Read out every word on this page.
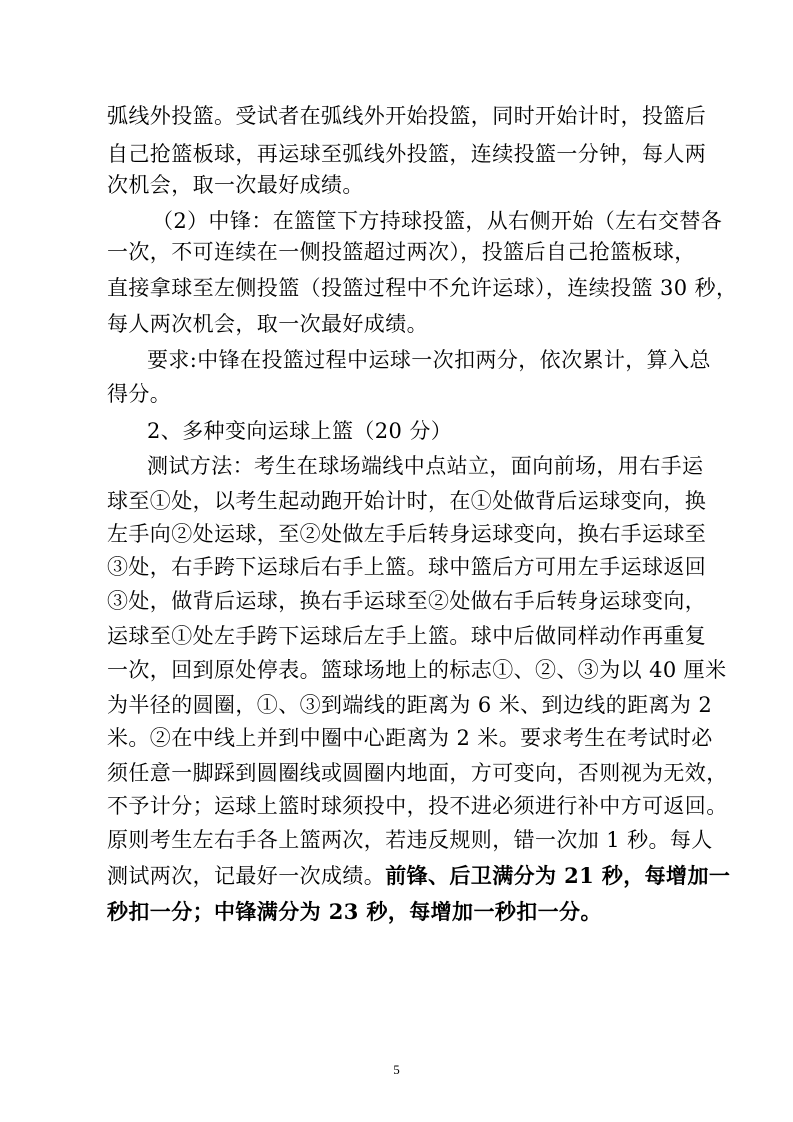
弧线外投篮。受试者在弧线外开始投篮，同时开始计时，投篮后
自己抢篮板球，再运球至弧线外投篮，连续投篮一分钟，每人两
次机会，取一次最好成绩。
（2）中锋：在篮筐下方持球投篮，从右侧开始（左右交替各
一次，不可连续在一侧投篮超过两次），投篮后自己抢篮板球，
直接拿球至左侧投篮（投篮过程中不允许运球），连续投篮 30 秒，
每人两次机会，取一次最好成绩。
要求:中锋在投篮过程中运球一次扣两分，依次累计，算入总
得分。
2、多种变向运球上篮（20 分）
测试方法：考生在球场端线中点站立，面向前场，用右手运
球至①处，以考生起动跑开始计时，在①处做背后运球变向，换
左手向②处运球，至②处做左手后转身运球变向，换右手运球至
③处，右手跨下运球后右手上篮。球中篮后方可用左手运球返回
③处，做背后运球，换右手运球至②处做右手后转身运球变向，
运球至①处左手跨下运球后左手上篮。球中后做同样动作再重复
一次，回到原处停表。篮球场地上的标志①、②、③为以 40 厘米
为半径的圆圈，①、③到端线的距离为 6 米、到边线的距离为 2
米。②在中线上并到中圈中心距离为 2 米。要求考生在考试时必
须任意一脚踩到圆圈线或圆圈内地面，方可变向，否则视为无效，
不予计分；运球上篮时球须投中，投不进必须进行补中方可返回。
原则考生左右手各上篮两次，若违反规则，错一次加 1 秒。每人
测试两次，记最好一次成绩。前锋、后卫满分为 21 秒，每增加一
秒扣一分；中锋满分为 23 秒，每增加一秒扣一分。
5
